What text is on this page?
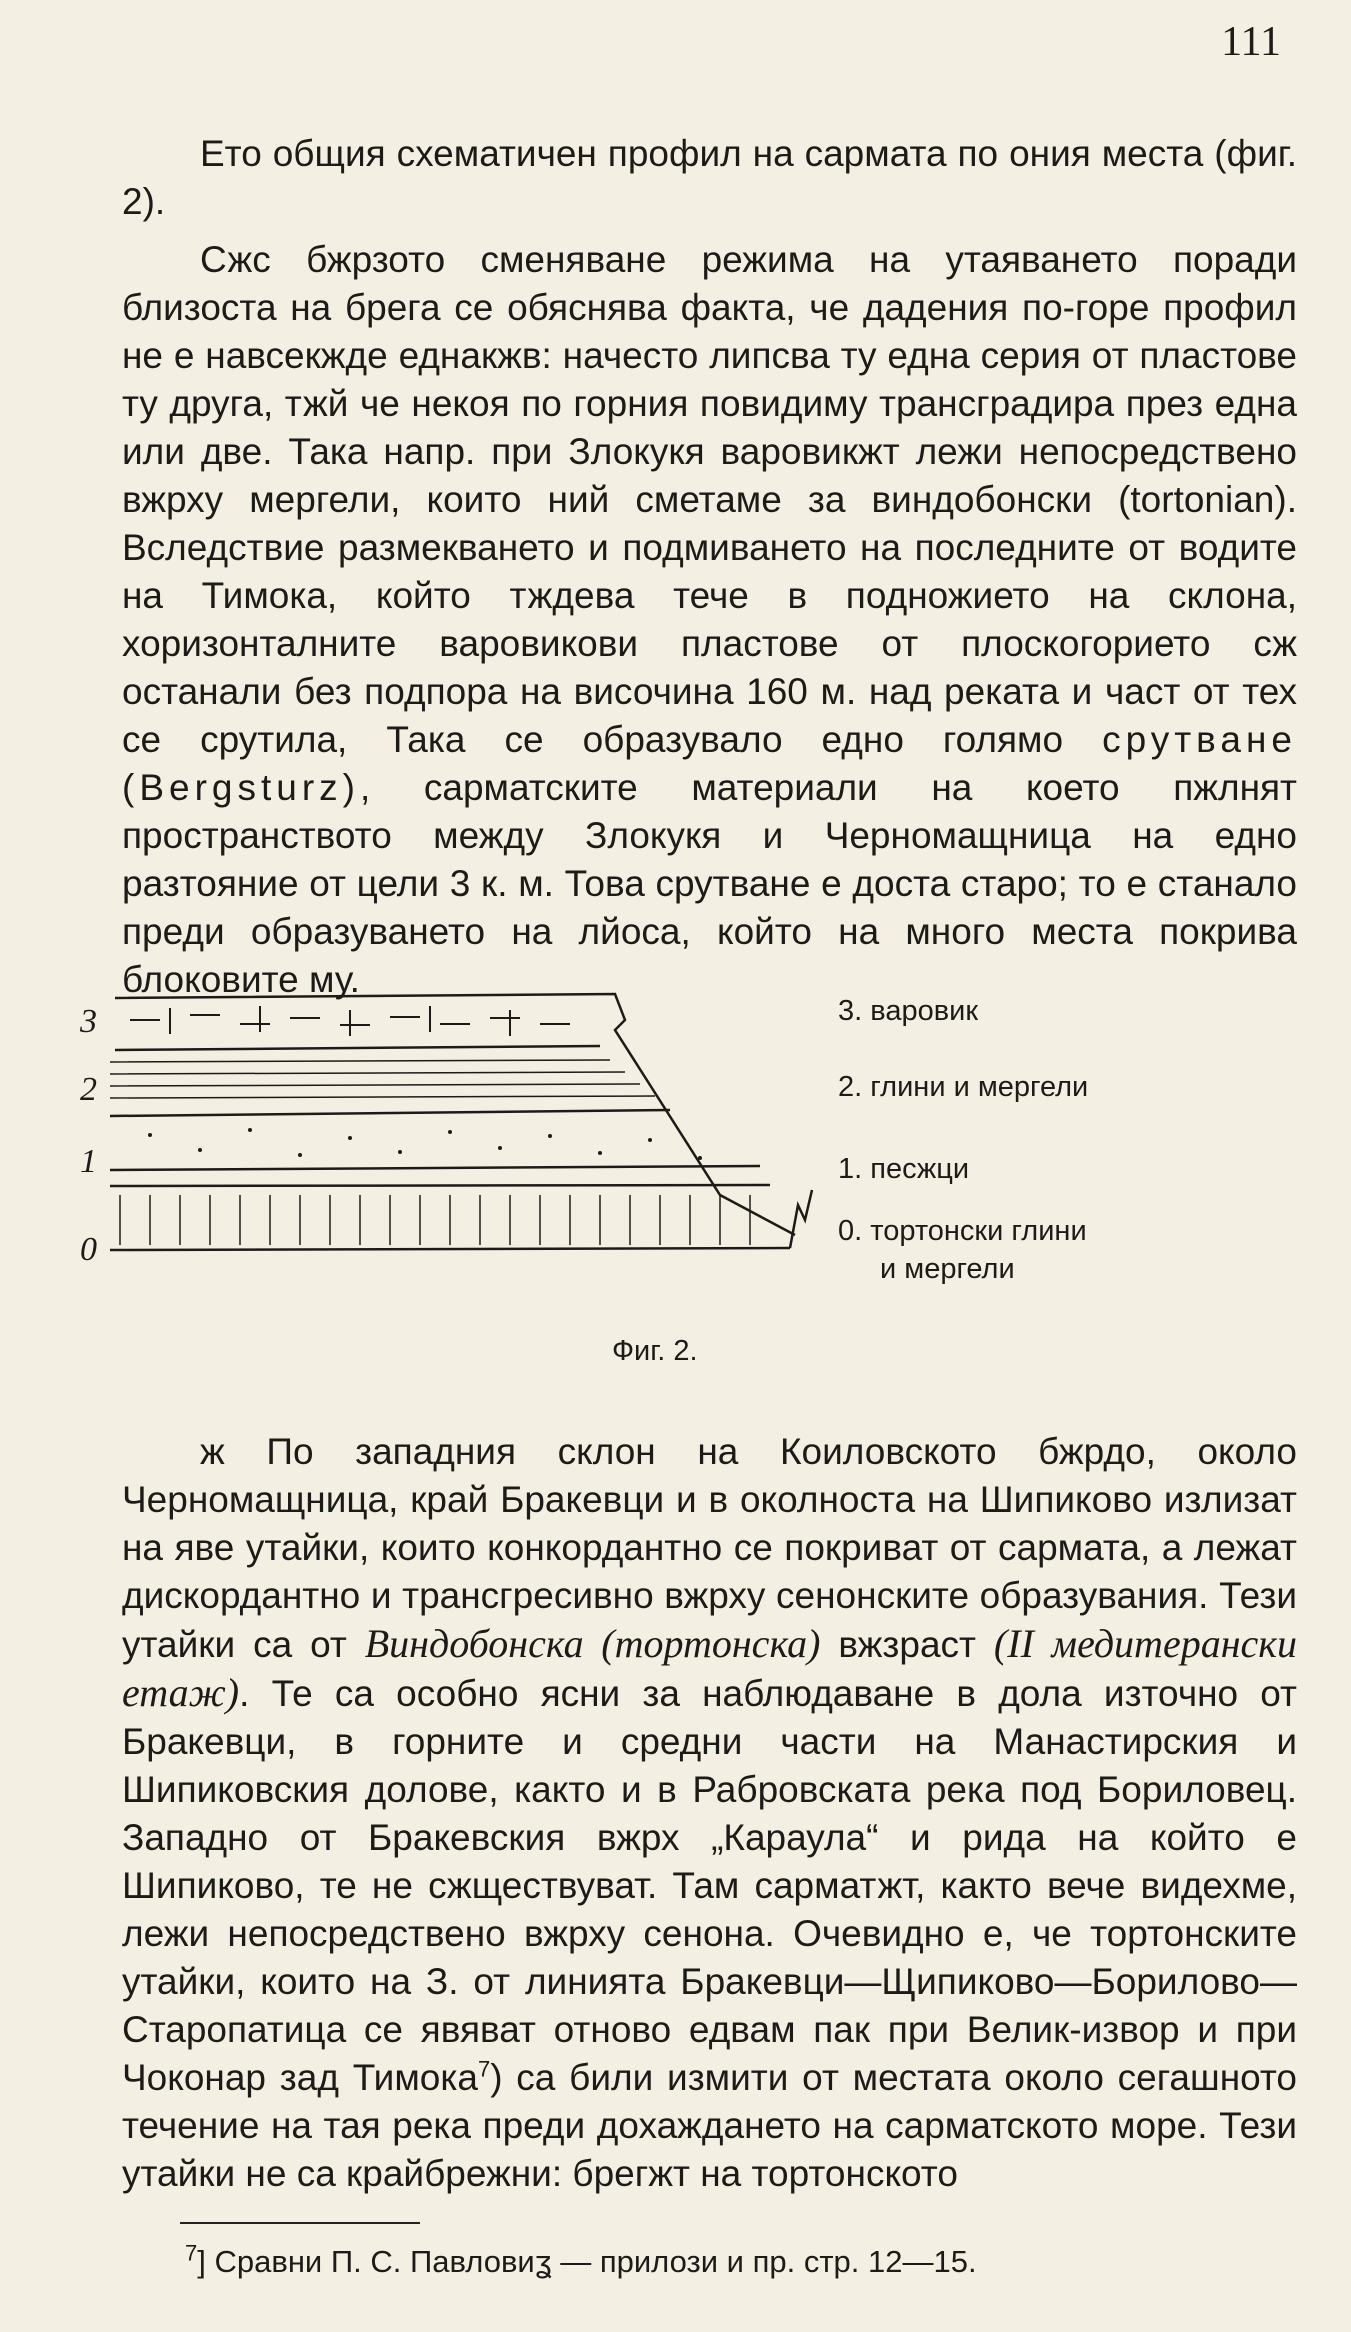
111

Ето общия схематичен профил на сармата по ония места (фиг. 2).

Сжс бжрзото сменяване режима на утаяването поради близоста на брега се обяснява факта, че дадения по-горе профил не е навсекжде еднакжв: начесто липсва ту една серия от пластове ту друга, тжй че некоя по горния повидиму трансградира през една или две. Така напр. при Злокукя варовикжт лежи непосредствено вжрху мергели, които ний сметаме за виндобонски (tortonian). Вследствие размекването и подмиването на последните от водите на Тимока, който тждева тече в подножието на склона, хоризонталните варовикови пластове от плоскогорието сж останали без подпора на височина 160 м. над реката и част от тех се срутила, Така се образувало едно голямо срутване (Bergsturz), сарматските материали на което пжлнят пространството между Злокукя и Черномащница на едно разтояние от цели 3 к. м. Това срутване е доста старо; то е станало преди образуването на лйоса, който на много места покрива блоковите му.

3
2
1
0
3. варовик
2. глини и мергели
1. песжци
0. тортонски глини
и мергели
Фиг. 2.

ж По западния склон на Коиловското бжрдо, около Черномащница, край Бракевци и в околноста на Шипиково излизат на яве утайки, които конкордантно се покриват от сармата, а лежат дискордантно и трансгресивно вжрху сенонските образувания. Тези утайки са от Виндобонска (тортонска) вжзраст (II медитерански етаж). Те са особно ясни за наблюдаване в дола източно от Бракевци, в горните и средни части на Манастирския и Шипиковския долове, както и в Рабровската река под Бориловец. Западно от Бракевския вжрх „Караула“ и рида на който е Шипиково, те не сжществуват. Там сарматжт, както вече видехме, лежи непосредствено вжрху сенона. Очевидно е, че тортонските утайки, които на З. от линията Бракевци—Щипиково—Борилово—Старопатица се явяват отново едвам пак при Велик-извор и при Чоконар зад Тимока$^7$) са били измити от местата около сегашното течение на тая река преди дохаждането на сарматското море. Тези утайки не са крайбрежни: брегжт на тортонското

$^7$] Сравни П. С. Павловиʓ — прилози и пр. стр. 12—15.
